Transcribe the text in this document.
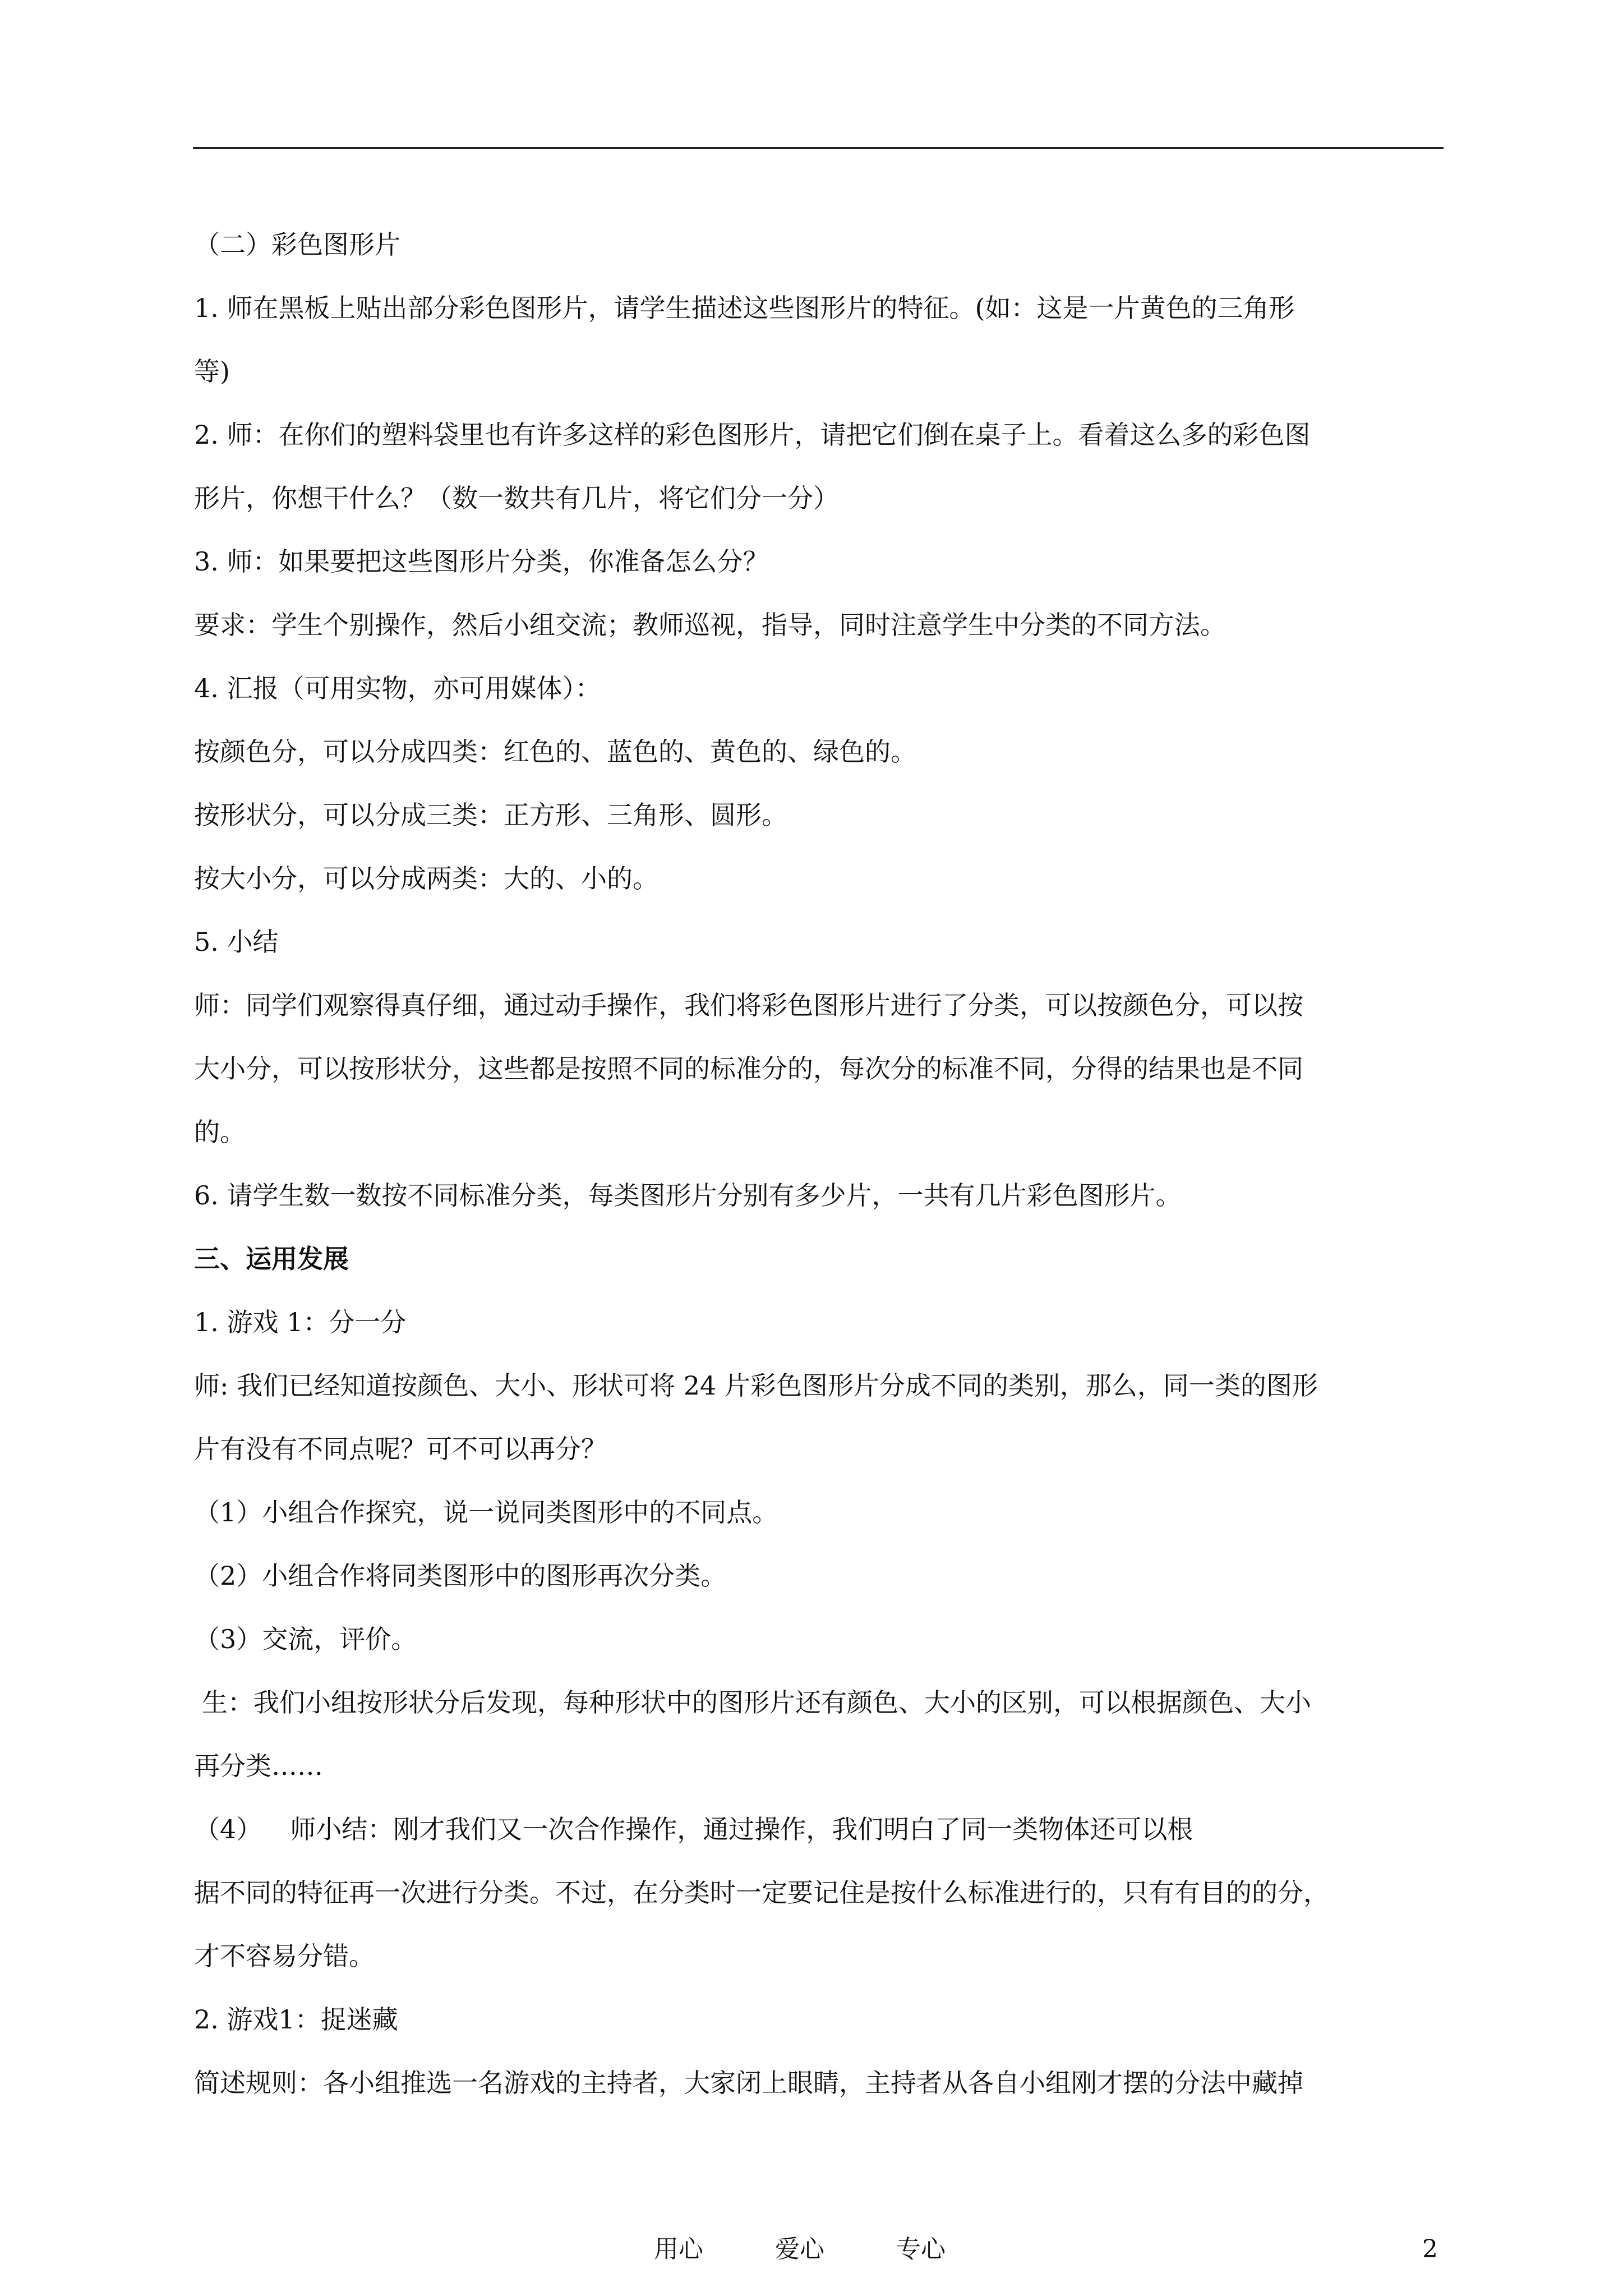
（二）彩色图形片

1. 师在黑板上贴出部分彩色图形片，请学生描述这些图形片的特征。(如：这是一片黄色的三角形

等)

2. 师：在你们的塑料袋里也有许多这样的彩色图形片，请把它们倒在桌子上。看着这么多的彩色图

形片，你想干什么？（数一数共有几片，将它们分一分）

3. 师：如果要把这些图形片分类，你准备怎么分？

要求：学生个别操作，然后小组交流；教师巡视，指导，同时注意学生中分类的不同方法。

4. 汇报（可用实物，亦可用媒体）：

按颜色分，可以分成四类：红色的、蓝色的、黄色的、绿色的。

按形状分，可以分成三类：正方形、三角形、圆形。

按大小分，可以分成两类：大的、小的。

5. 小结

师：同学们观察得真仔细，通过动手操作，我们将彩色图形片进行了分类，可以按颜色分，可以按

大小分，可以按形状分，这些都是按照不同的标准分的，每次分的标准不同，分得的结果也是不同

的。

6. 请学生数一数按不同标准分类，每类图形片分别有多少片，一共有几片彩色图形片。

三、运用发展

1. 游戏 1：分一分

师: 我们已经知道按颜色、大小、形状可将 24 片彩色图形片分成不同的类别，那么，同一类的图形

片有没有不同点呢？可不可以再分？

（1）小组合作探究，说一说同类图形中的不同点。

（2）小组合作将同类图形中的图形再次分类。

（3）交流，评价。

生：我们小组按形状分后发现，每种形状中的图形片还有颜色、大小的区别，可以根据颜色、大小

再分类……

（4） 师小结：刚才我们又一次合作操作，通过操作，我们明白了同一类物体还可以根

据不同的特征再一次进行分类。不过，在分类时一定要记住是按什么标准进行的，只有有目的的分，

才不容易分错。

2. 游戏1：捉迷藏

简述规则：各小组推选一名游戏的主持者，大家闭上眼睛，主持者从各自小组刚才摆的分法中藏掉

用心	爱心	专心	2
